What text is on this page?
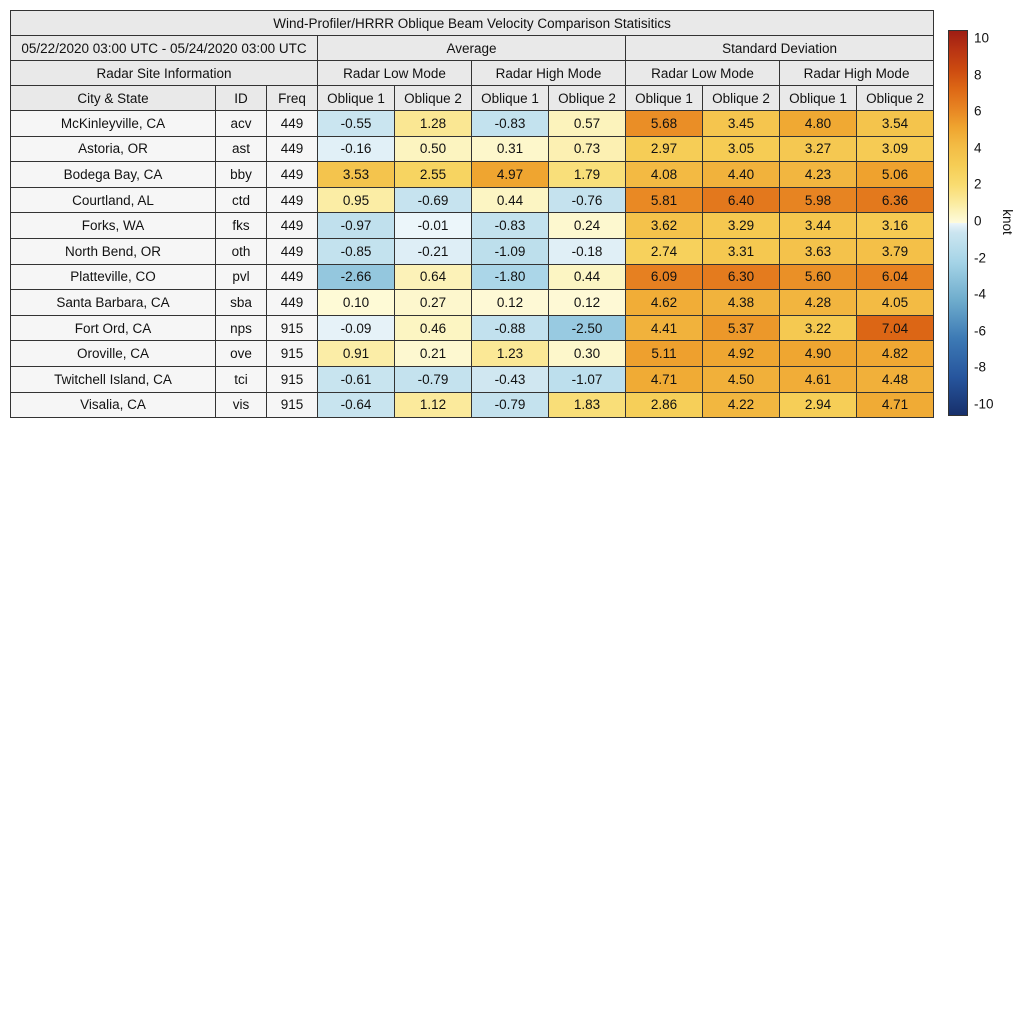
Wind-Profiler/HRRR Oblique Beam Velocity Comparison Statisitics										
05/22/2020 03:00 UTC - 05/24/2020 03:00 UTC			Average				Standard Deviation			
Radar Site Information			Radar Low Mode		Radar High Mode		Radar Low Mode		Radar High Mode	
City & State	ID	Freq	Oblique 1	Oblique 2	Oblique 1	Oblique 2	Oblique 1	Oblique 2	Oblique 1	Oblique 2
McKinleyville, CA	acv	449	-0.55	1.28	-0.83	0.57	5.68	3.45	4.80	3.54
Astoria, OR	ast	449	-0.16	0.50	0.31	0.73	2.97	3.05	3.27	3.09
Bodega Bay, CA	bby	449	3.53	2.55	4.97	1.79	4.08	4.40	4.23	5.06
Courtland, AL	ctd	449	0.95	-0.69	0.44	-0.76	5.81	6.40	5.98	6.36
Forks, WA	fks	449	-0.97	-0.01	-0.83	0.24	3.62	3.29	3.44	3.16
North Bend, OR	oth	449	-0.85	-0.21	-1.09	-0.18	2.74	3.31	3.63	3.79
Platteville, CO	pvl	449	-2.66	0.64	-1.80	0.44	6.09	6.30	5.60	6.04
Santa Barbara, CA	sba	449	0.10	0.27	0.12	0.12	4.62	4.38	4.28	4.05
Fort Ord, CA	nps	915	-0.09	0.46	-0.88	-2.50	4.41	5.37	3.22	7.04
Oroville, CA	ove	915	0.91	0.21	1.23	0.30	5.11	4.92	4.90	4.82
Twitchell Island, CA	tci	915	-0.61	-0.79	-0.43	-1.07	4.71	4.50	4.61	4.48
Visalia, CA	vis	915	-0.64	1.12	-0.79	1.83	2.86	4.22	2.94	4.71
10
8
6
4
2
0
-2
-4
-6
-8
-10
knot
